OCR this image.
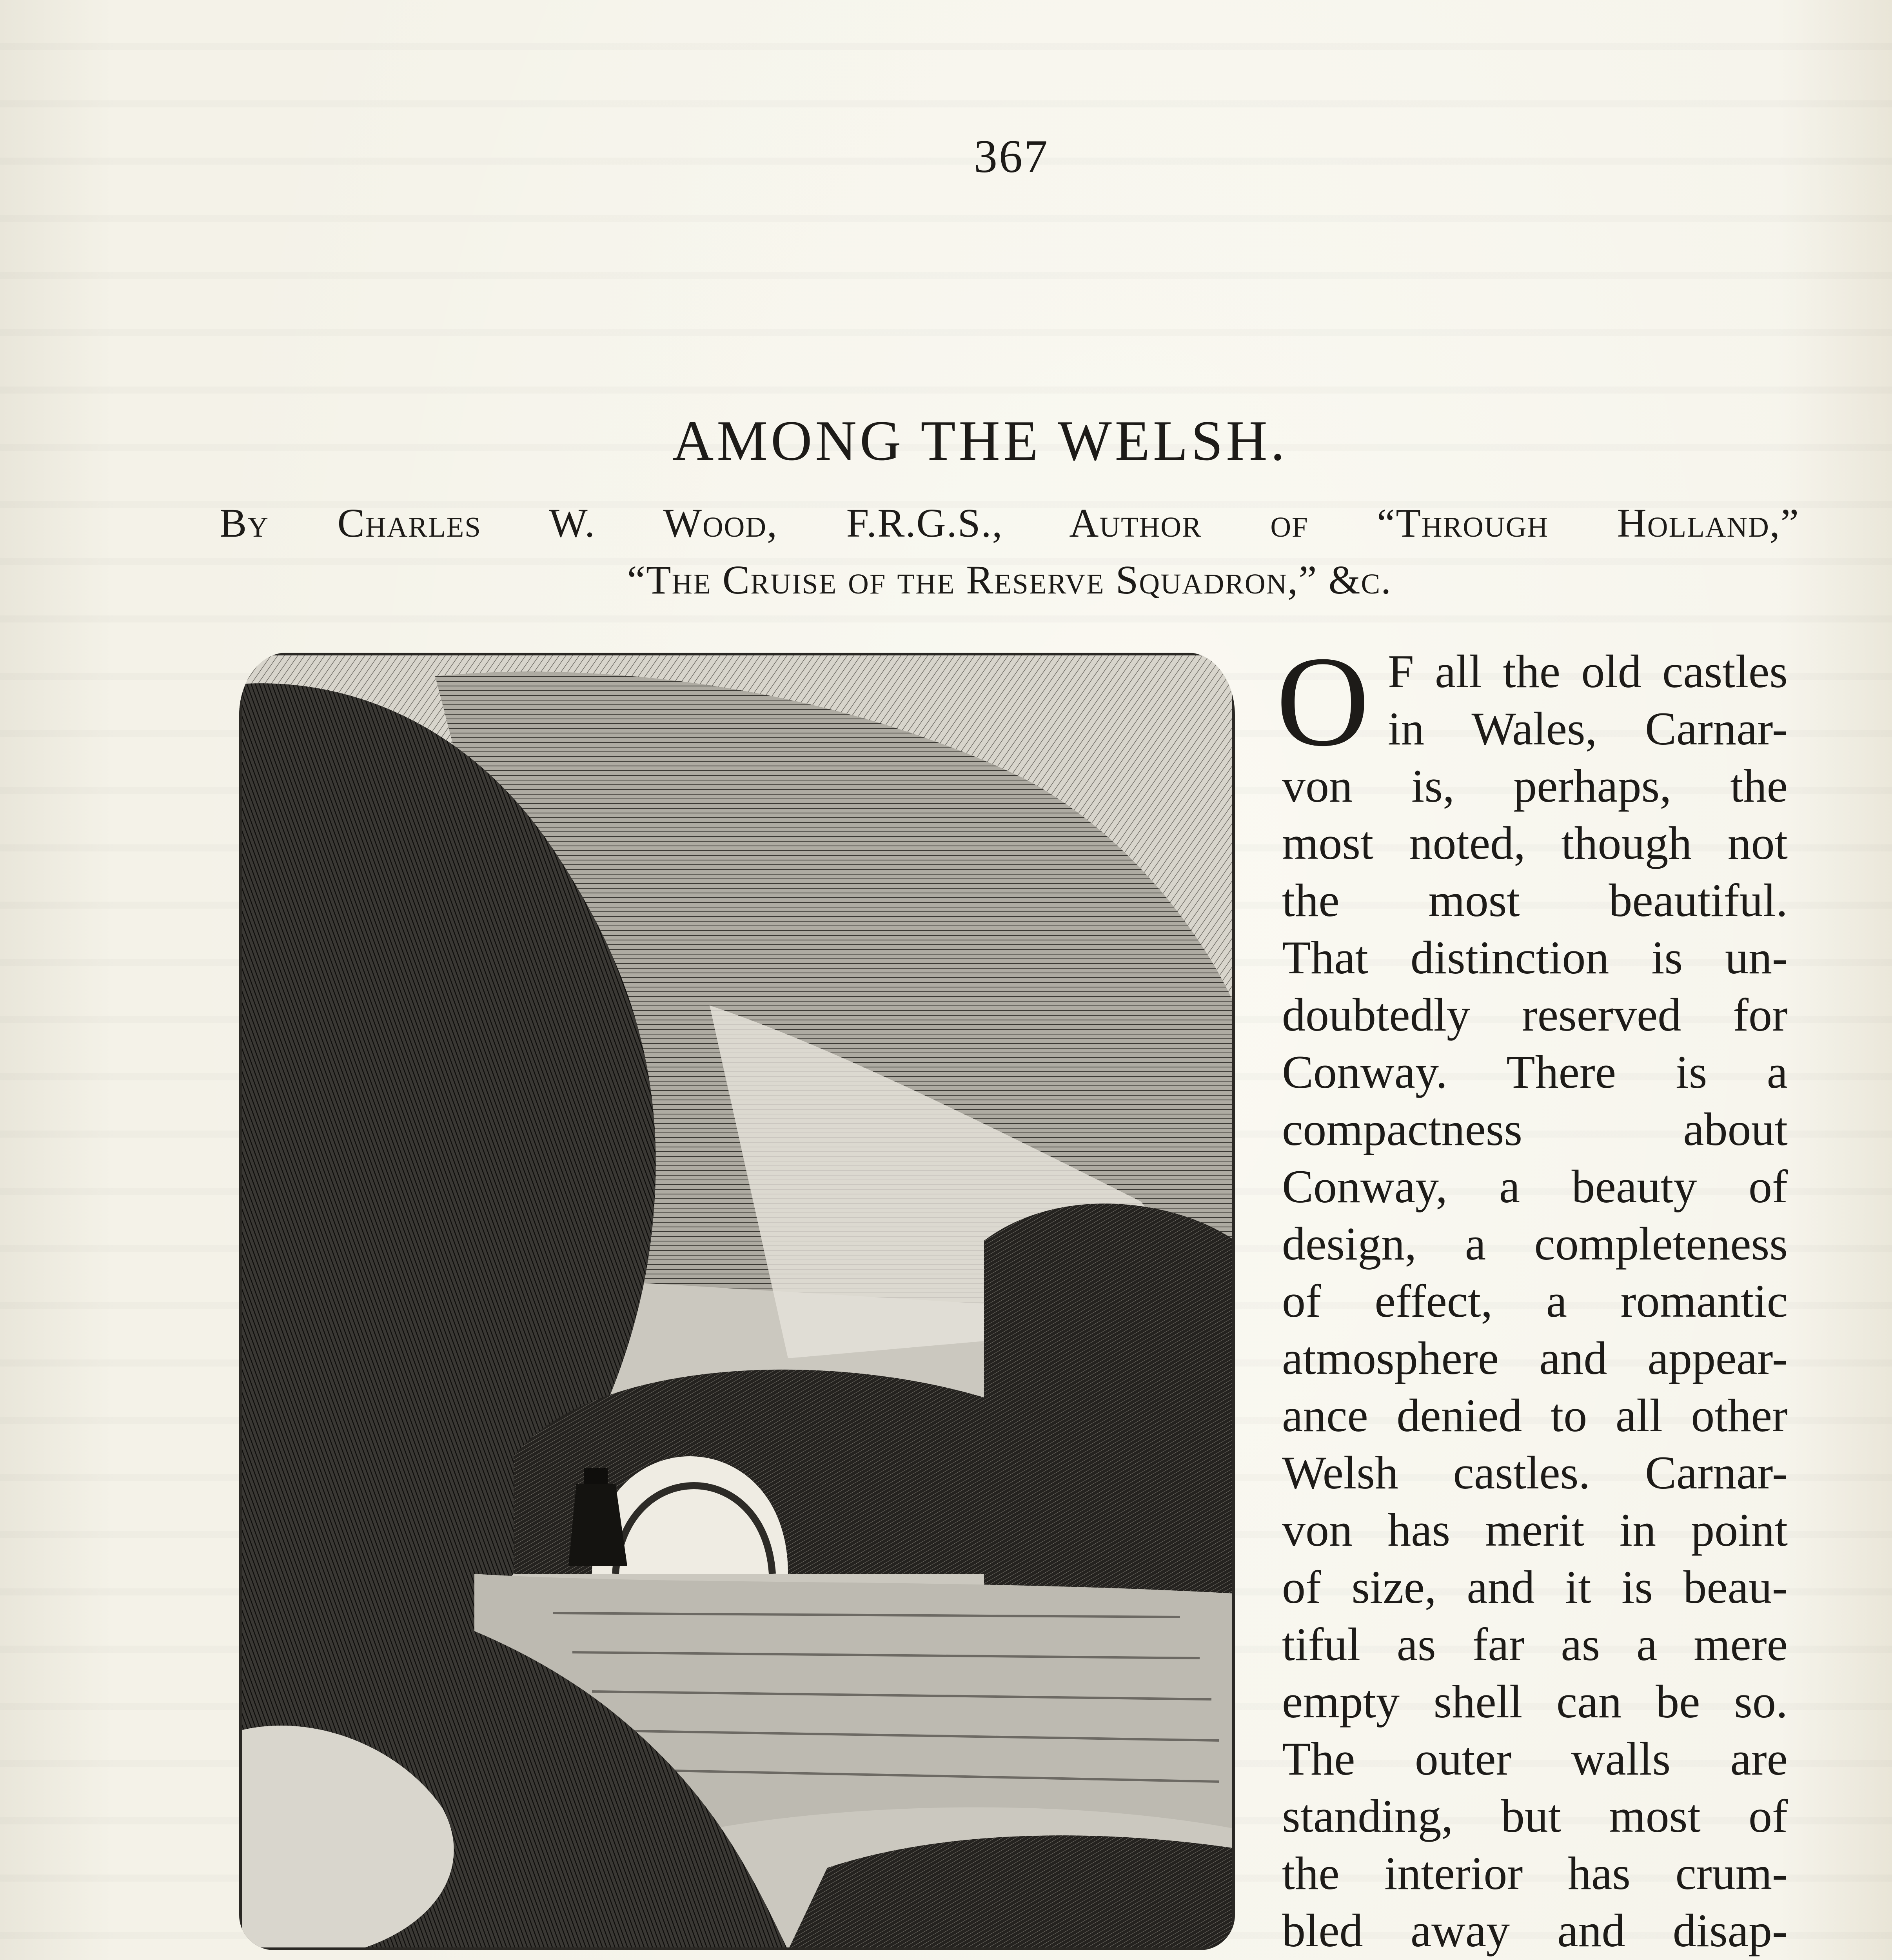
367
AMONG THE WELSH.
By Charles W. Wood, F.R.G.S., Author of “Through Holland,”
“The Cruise of the Reserve Squadron,” &c.
O F all the old castles
in Wales, Carnar-
von is, perhaps, the
most noted, though not
the most beautiful.
That distinction is un-
doubtedly reserved for
Conway. There is a
compactness about
Conway, a beauty of
design, a completeness
of effect, a romantic
atmosphere and appear-
ance denied to all other
Welsh castles. Carnar-
von has merit in point
of size, and it is beau-
tiful as far as a mere
empty shell can be so.
The outer walls are
standing, but most of
the interior has crum-
bled away and disap-
